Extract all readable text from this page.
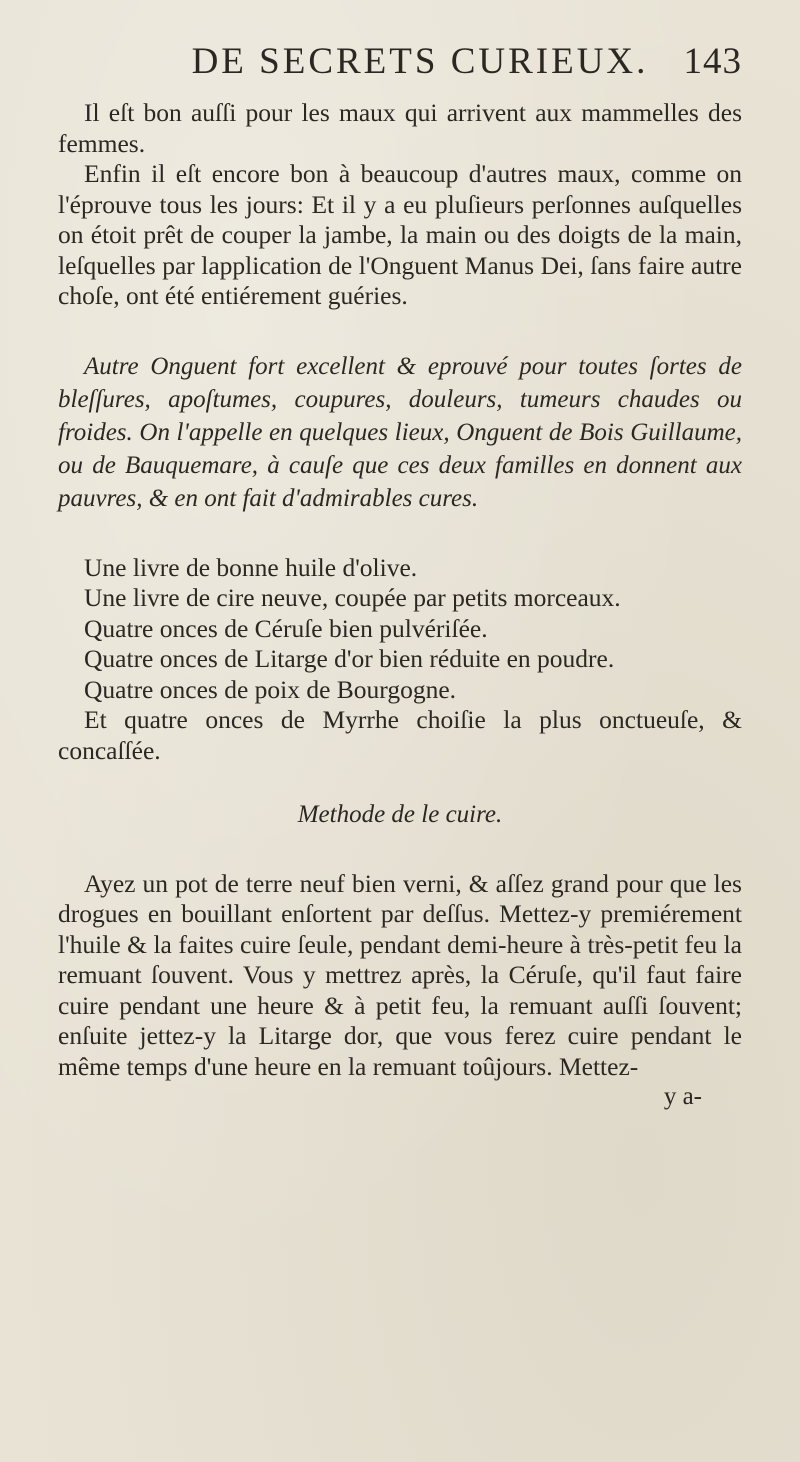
DE SECRETS CURIEUX. 143

Il eſt bon auſſi pour les maux qui arrivent aux mammelles des femmes.

Enfin il eſt encore bon à beaucoup d'autres maux, comme on l'éprouve tous les jours: Et il y a eu pluſieurs perſonnes auſquelles on étoit prêt de couper la jambe, la main ou des doigts de la main, leſquelles par lapplication de l'Onguent Manus Dei, ſans faire autre choſe, ont été entiérement guéries.

Autre Onguent fort excellent & eprouvé pour toutes ſortes de bleſſures, apoſtumes, coupures, douleurs, tumeurs chaudes ou froides. On l'appelle en quelques lieux, Onguent de Bois Guillaume, ou de Bauquemare, à cauſe que ces deux familles en donnent aux pauvres, & en ont fait d'admirables cures.

Une livre de bonne huile d'olive.

Une livre de cire neuve, coupée par petits morceaux.

Quatre onces de Céruſe bien pulvériſée.

Quatre onces de Litarge d'or bien réduite en poudre.

Quatre onces de poix de Bourgogne.

Et quatre onces de Myrrhe choiſie la plus onctueuſe, & concaſſée.

Methode de le cuire.

Ayez un pot de terre neuf bien verni, & aſſez grand pour que les drogues en bouillant enſortent par deſſus. Mettez-y premiérement l'huile & la faites cuire ſeule, pendant demi-heure à très-petit feu la remuant ſouvent. Vous y mettrez après, la Céruſe, qu'il faut faire cuire pendant une heure & à petit feu, la remuant auſſi ſouvent; enſuite jettez-y la Litarge dor, que vous ferez cuire pendant le même temps d'une heure en la remuant toûjours. Mettez-

y a-
